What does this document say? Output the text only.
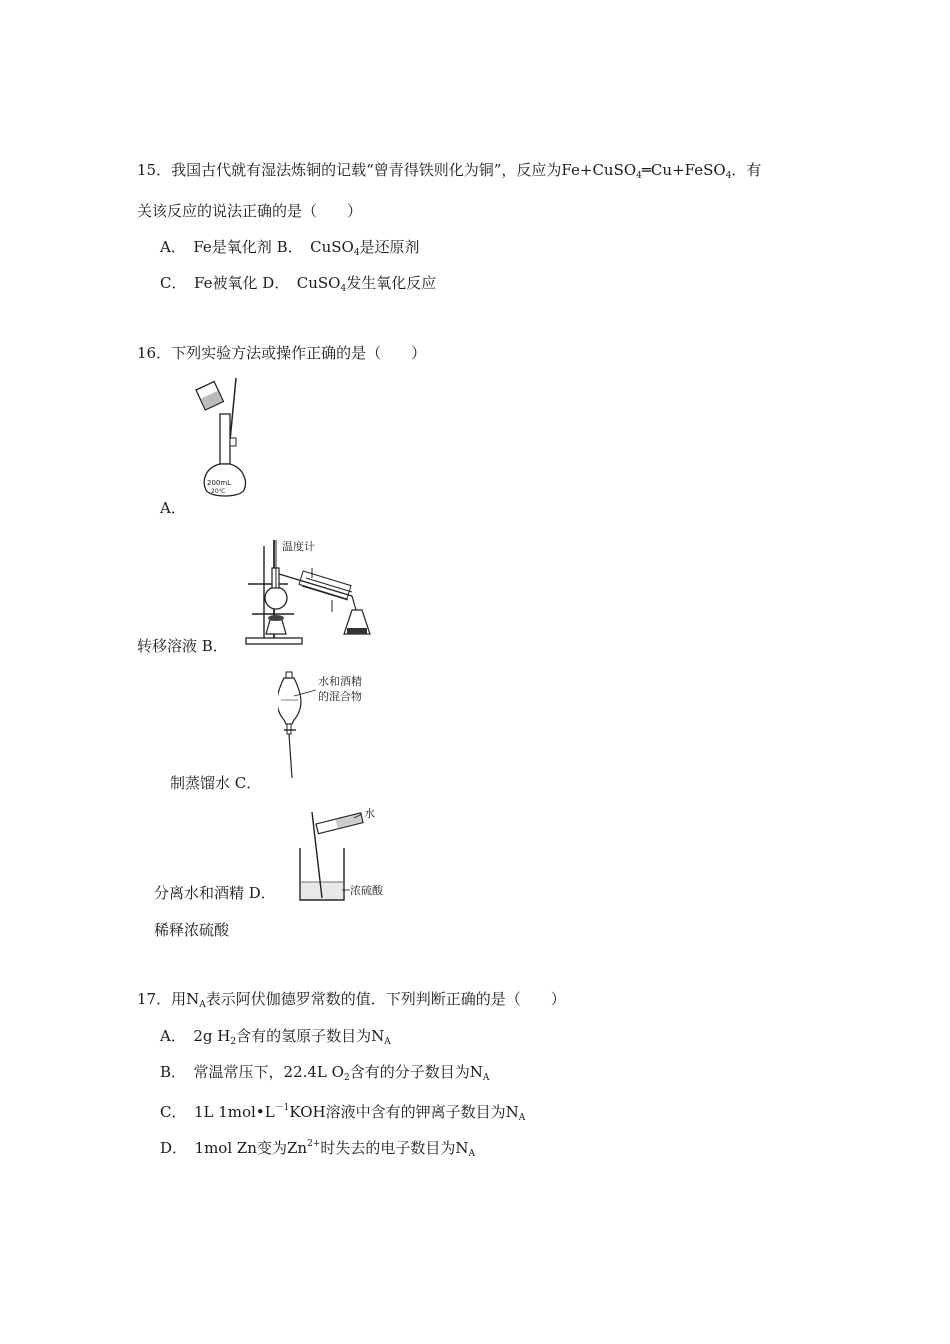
15．我国古代就有湿法炼铜的记载“曾青得铁则化为铜”，反应为Fe+CuSO$_4$═Cu+FeSO$_4$．有
关该反应的说法正确的是（　　）
A．　Fe是氧化剂 B．　CuSO$_4$是还原剂
C．　Fe被氧化 D．　CuSO$_4$发生氧化反应
16．下列实验方法或操作正确的是（　　）
200mL
20℃
A．
温度计
转移溶液 B．
水和酒精
的混合物
制蒸馏水 C．
水
浓硫酸
分离水和酒精 D．
稀释浓硫酸
17．用$N_A$表示阿伏伽德罗常数的值．下列判断正确的是（　　）
A．　2g $H_2$含有的氢原子数目为$N_A$
B．　常温常压下，22.4L $O_2$含有的分子数目为$N_A$
C．　1L $1mol•L^{-1}KOH$溶液中含有的钾离子数目为$N_A$
D．　1mol Zn变为$Zn^{2+}$时失去的电子数目为$N_A$
